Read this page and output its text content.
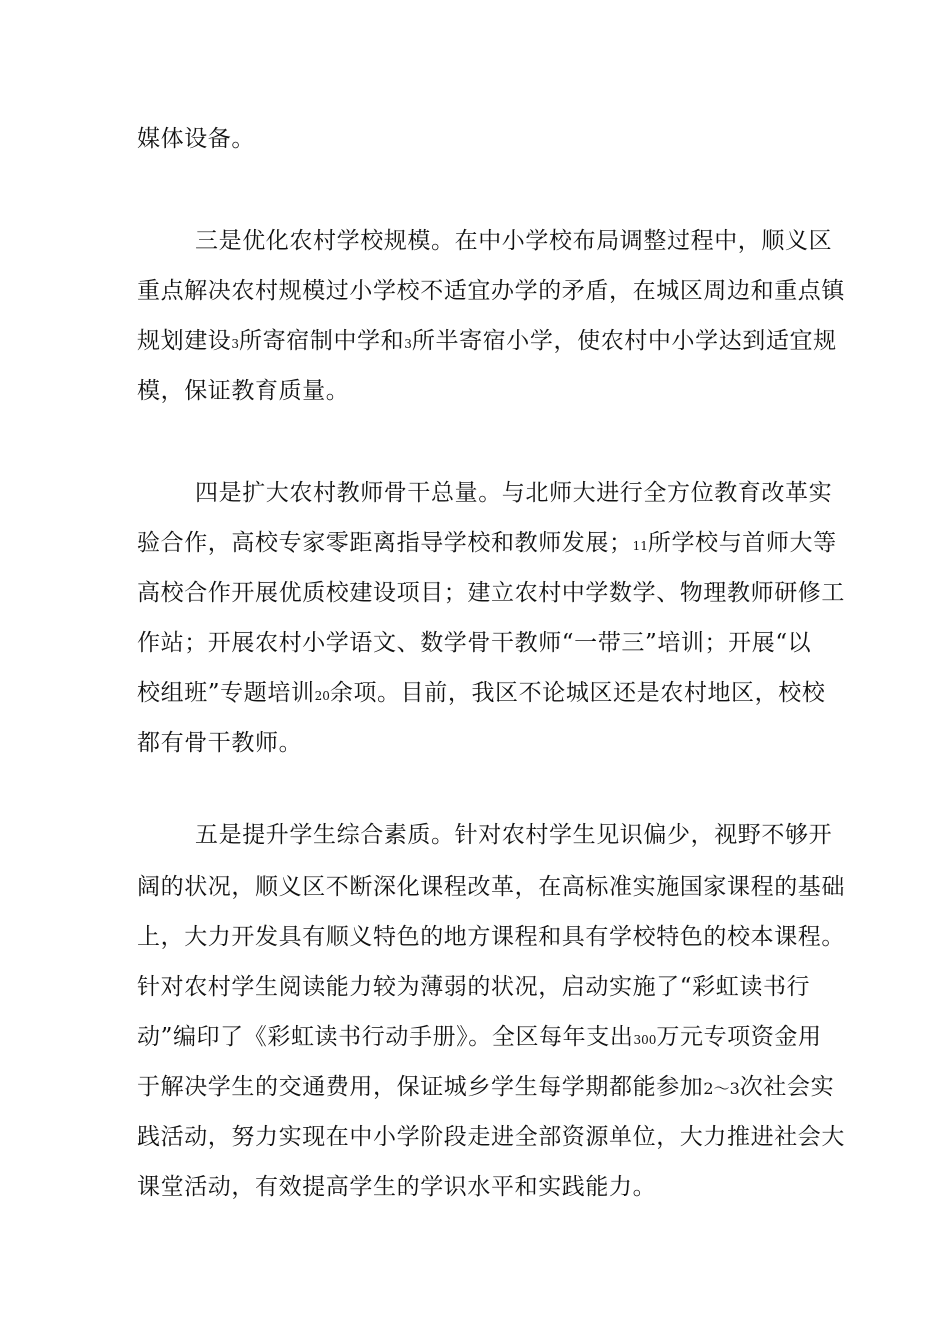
媒体设备。
三是优化农村学校规模。在中小学校布局调整过程中，顺义区
重点解决农村规模过小学校不适宜办学的矛盾，在城区周边和重点镇
规划建设3所寄宿制中学和3所半寄宿小学，使农村中小学达到适宜规
模，保证教育质量。
四是扩大农村教师骨干总量。与北师大进行全方位教育改革实
验合作，高校专家零距离指导学校和教师发展；11所学校与首师大等
高校合作开展优质校建设项目；建立农村中学数学、物理教师研修工
作站；开展农村小学语文、数学骨干教师“一带三”培训；开展“以
校组班”专题培训20余项。目前，我区不论城区还是农村地区，校校
都有骨干教师。
五是提升学生综合素质。针对农村学生见识偏少，视野不够开
阔的状况，顺义区不断深化课程改革，在高标准实施国家课程的基础
上，大力开发具有顺义特色的地方课程和具有学校特色的校本课程。
针对农村学生阅读能力较为薄弱的状况，启动实施了“彩虹读书行
动”编印了《彩虹读书行动手册》。全区每年支出300万元专项资金用
于解决学生的交通费用，保证城乡学生每学期都能参加2〜3次社会实
践活动，努力实现在中小学阶段走进全部资源单位，大力推进社会大
课堂活动，有效提高学生的学识水平和实践能力。
